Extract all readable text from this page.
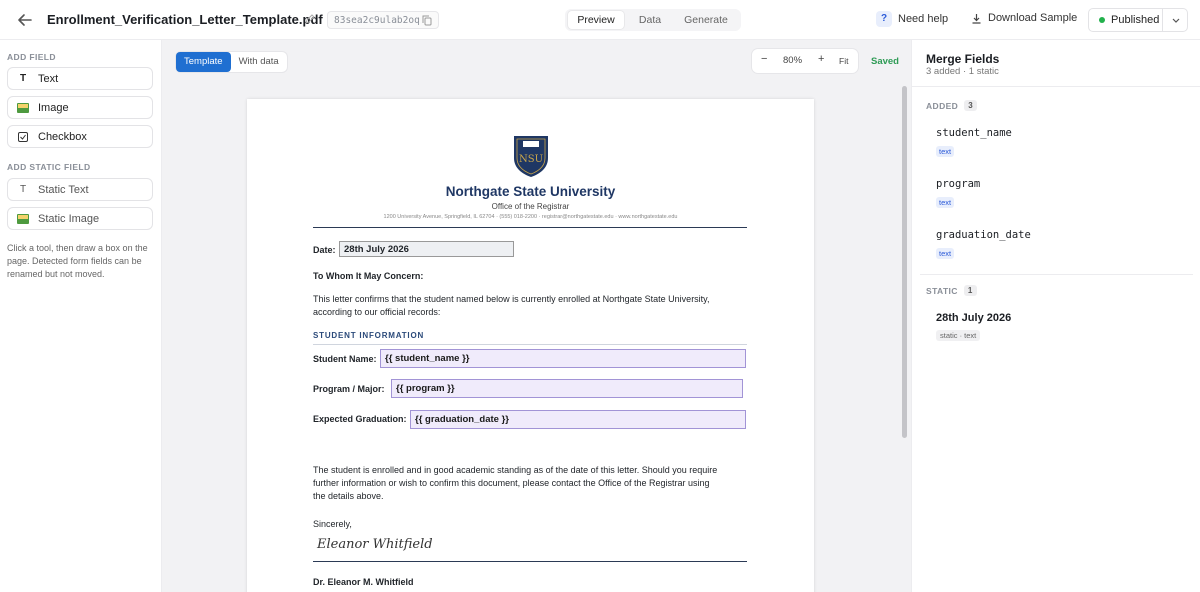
Enrollment_Verification_Letter_Template.pdf	83sea2c9ulab2oq	Preview	Data	Generate	? Need help	Download Sample	Published
ADD FIELD
T Text
Image
Checkbox
ADD STATIC FIELD
T Static Text
Static Image
Click a tool, then draw a box on the page. Detected form fields can be renamed but not moved.
Template	With data	− 80% + Fit Saved
NSU
Northgate State University
Office of the Registrar
1200 University Avenue, Springfield, IL 62704 · (555) 018-2200 · registrar@northgatestate.edu · www.northgatestate.edu
Date: 28th July 2026
To Whom It May Concern:
This letter confirms that the student named below is currently enrolled at Northgate State University,
according to our official records:
STUDENT INFORMATION
Student Name: {{ student_name }}
Program / Major:	{{ program }}
Expected Graduation: {{ graduation_date }}
The student is enrolled and in good academic standing as of the date of this letter. Should you require
further information or wish to confirm this document, please contact the Office of the Registrar using
the details above.
Sincerely,
Eleanor Whitfield
Dr. Eleanor M. Whitfield
Merge Fields
3 added · 1 static
ADDED	3
student_name
text
program
text
graduation_date
text
STATIC	1
28th July 2026
static · text
